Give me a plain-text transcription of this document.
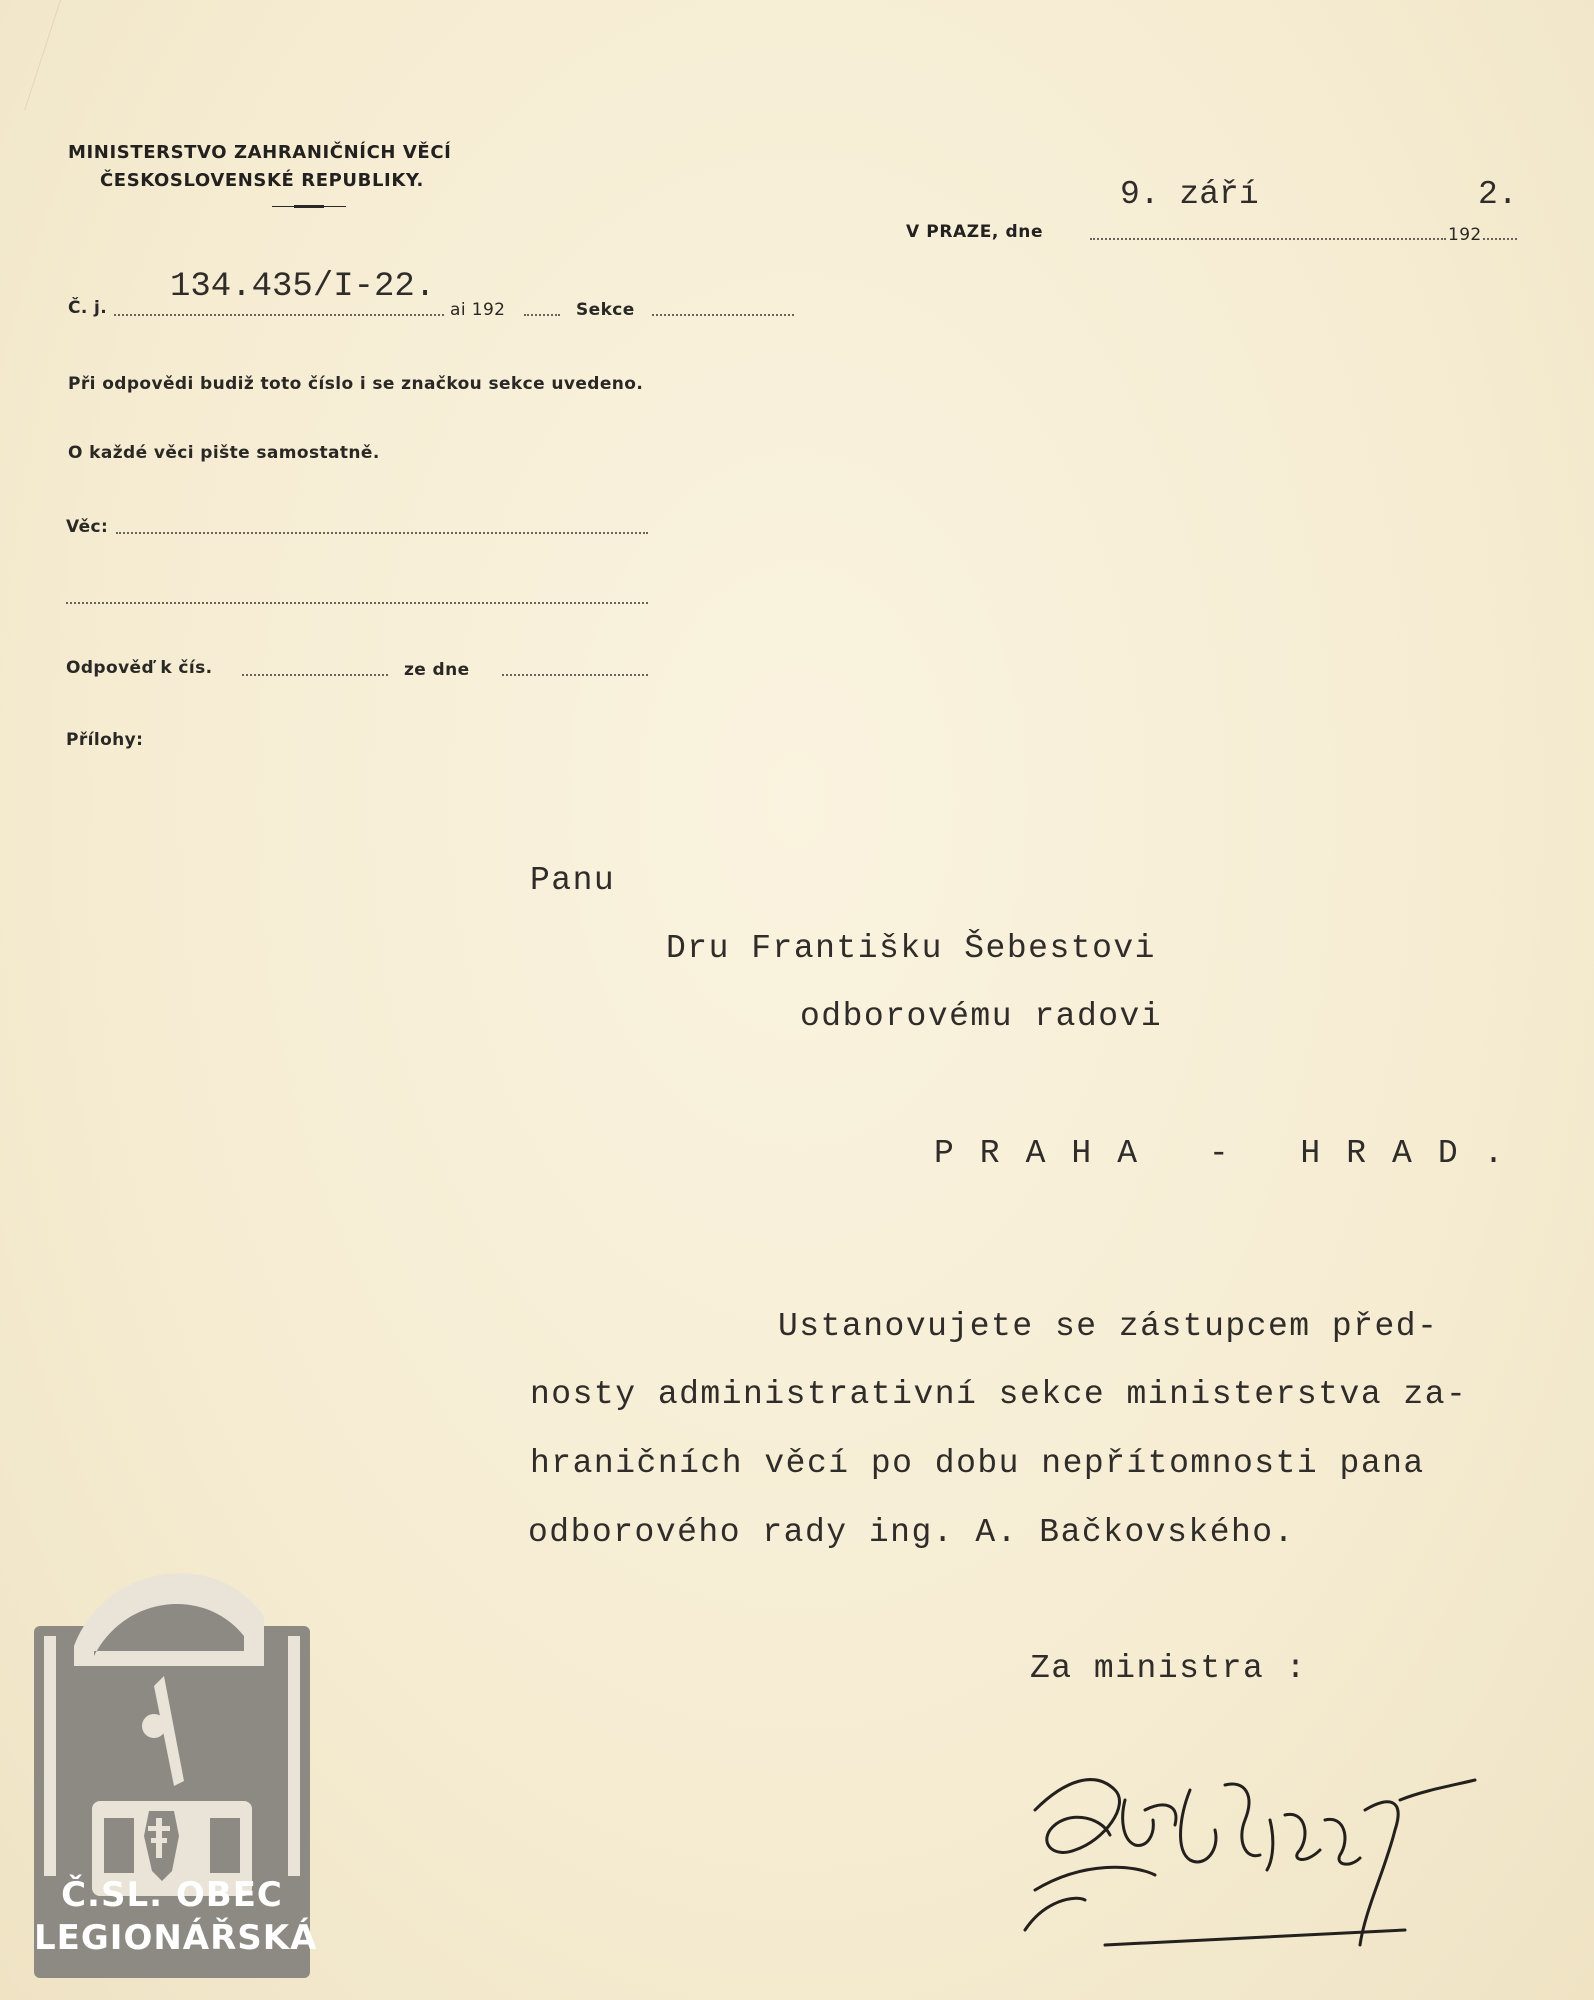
MINISTERSTVO ZAHRANIČNÍCH VĚCÍ
ČESKOSLOVENSKÉ REPUBLIKY.	9. září	2.
V PRAZE, dne	192
Č. j.
134.435/I-22.
ai 192	Sekce
Při odpovědi budiž toto číslo i se značkou sekce uvedeno.
O každé věci pište samostatně.
Věc:
Odpověď k čís.	ze dne
Přílohy:
Panu
Dru Františku Šebestovi
odborovému radovi
PRAHA - HRAD.
Ustanovujete se zástupcem před-
nosty administrativní sekce ministerstva za-
hraničních věcí po dobu nepřítomnosti pana
odborového rady ing. A. Bačkovského.
Za ministra :
Č.SL. OBEC
LEGIONÁŘSKÁ
